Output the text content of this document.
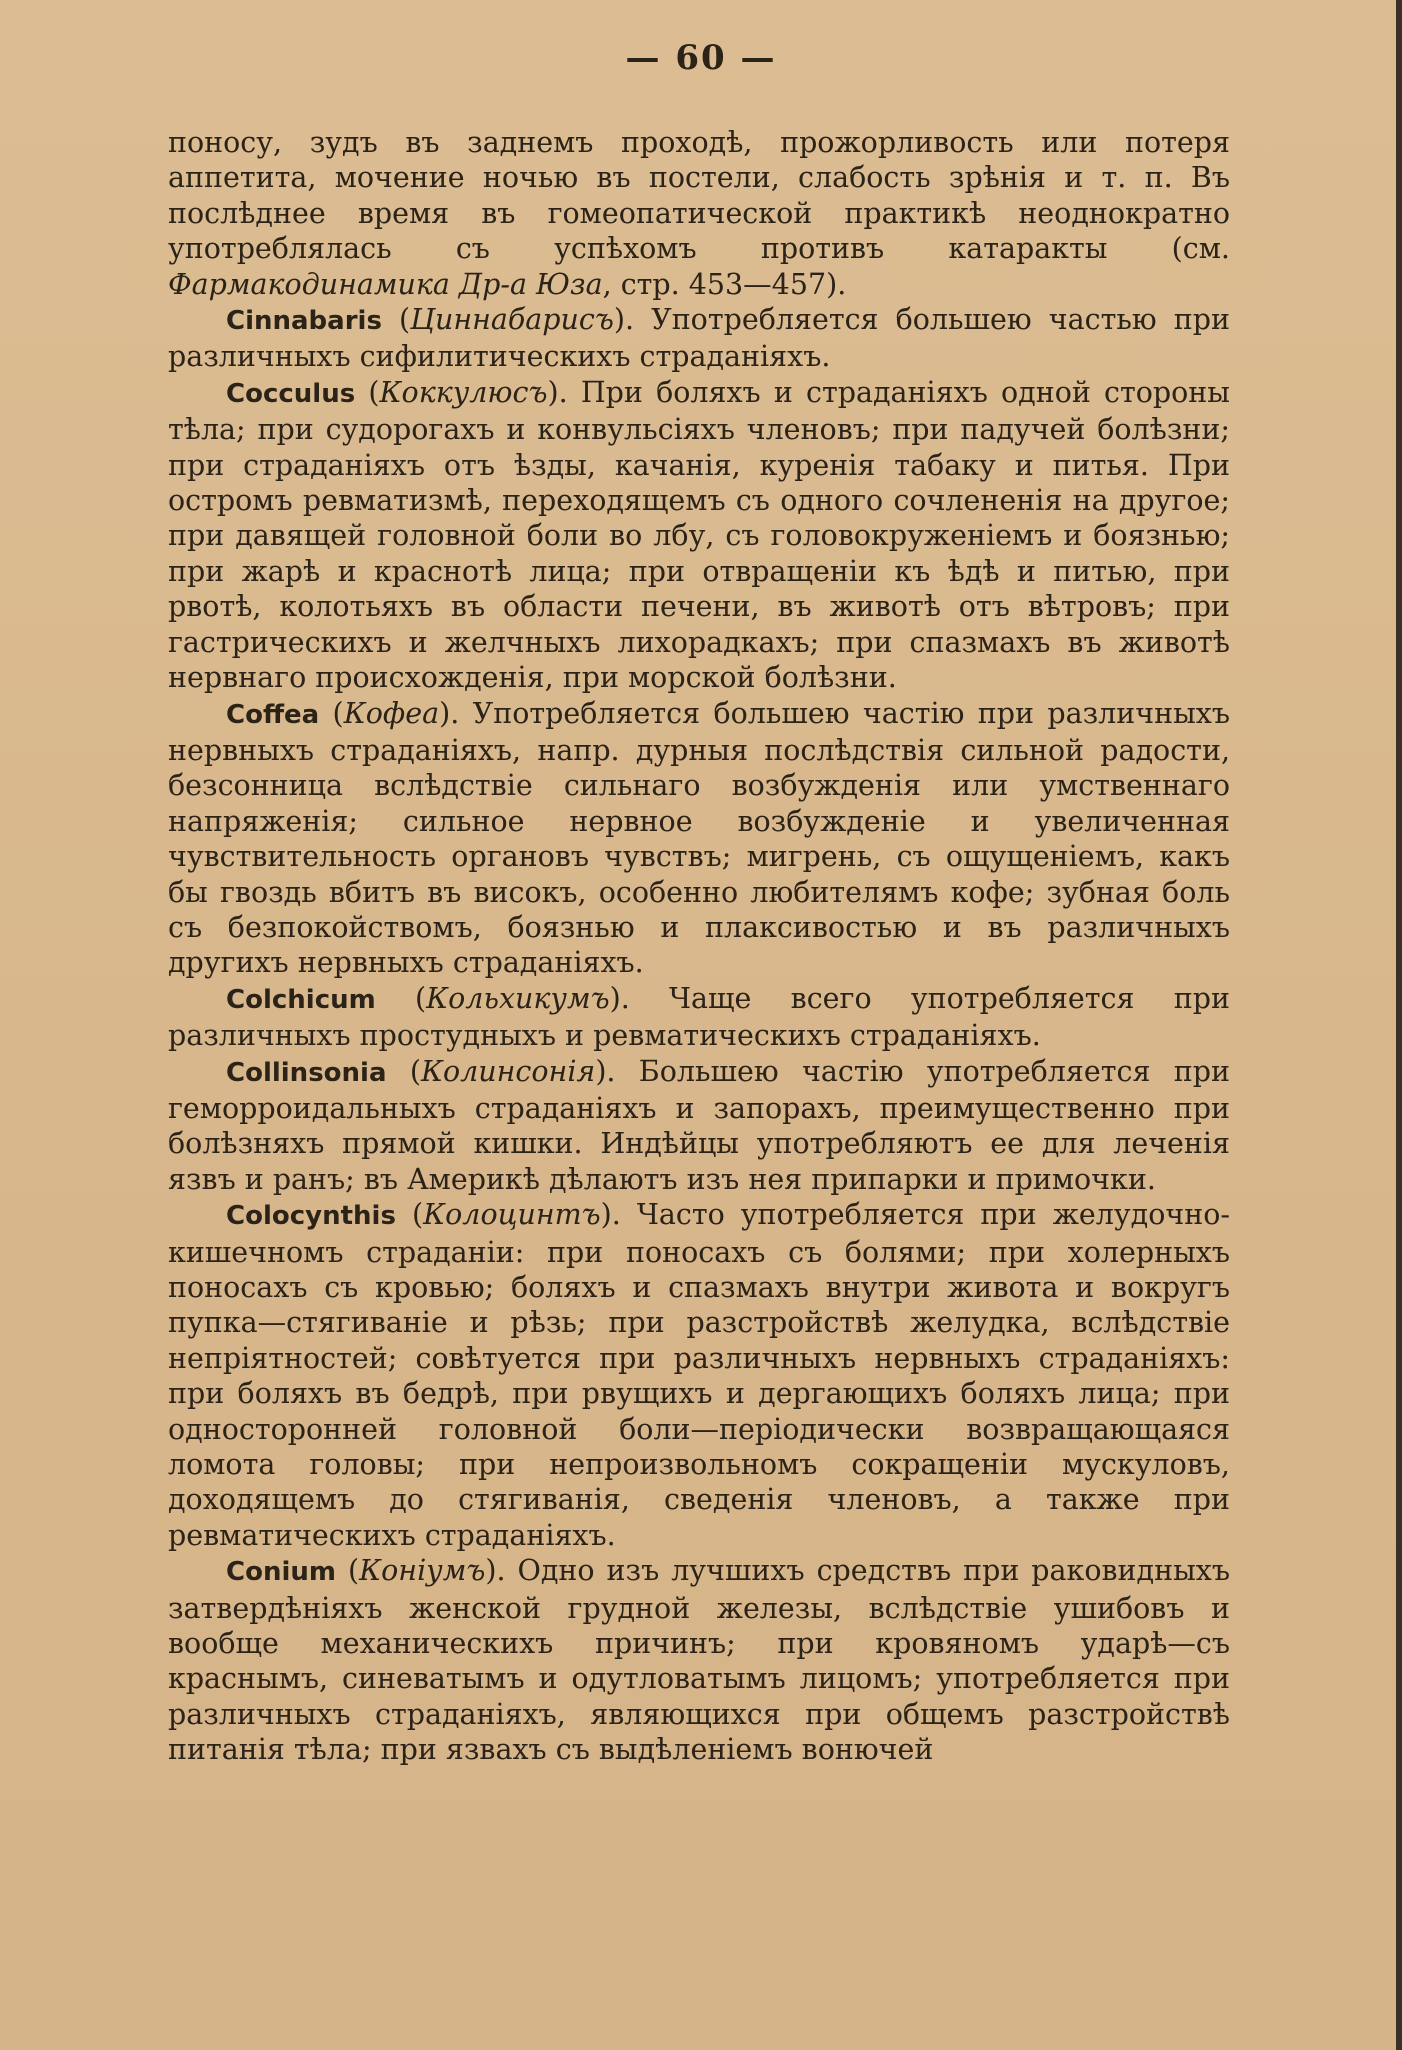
— 60 —

поносу, зудъ въ заднемъ проходѣ, прожорливость или потеря аппетита, мочение ночью въ постели, слабость зрѣнія и т. п. Въ послѣднее время въ гомеопатической практикѣ неоднократно употреблялась съ успѣхомъ противъ катаракты (см. Фармакодинамика Др-а Юза, стр. 453—457).

Cinnabaris (Циннабарисъ). Употребляется большею частью при различныхъ сифилитическихъ страданіяхъ.

Cocculus (Коккулюсъ). При боляхъ и страданіяхъ одной стороны тѣла; при судорогахъ и конвульсіяхъ членовъ; при падучей болѣзни; при страданіяхъ отъ ѣзды, качанія, куренія табаку и питья. При остромъ ревматизмѣ, переходящемъ съ одного сочлененія на другое; при давящей головной боли во лбу, съ головокруженіемъ и боязнью; при жарѣ и краснотѣ лица; при отвращеніи къ ѣдѣ и питью, при рвотѣ, колотьяхъ въ области печени, въ животѣ отъ вѣтровъ; при гастрическихъ и желчныхъ лихорадкахъ; при спазмахъ въ животѣ нервнаго происхожденія, при морской болѣзни.

Coffea (Кофеа). Употребляется большею частію при различныхъ нервныхъ страданіяхъ, напр. дурныя послѣдствія сильной радости, безсонница вслѣдствіе сильнаго возбужденія или умственнаго напряженія; сильное нервное возбужденіе и увеличенная чувствительность органовъ чувствъ; мигрень, съ ощущеніемъ, какъ бы гвоздь вбитъ въ високъ, особенно любителямъ кофе; зубная боль съ безпокойствомъ, боязнью и плаксивостью и въ различныхъ другихъ нервныхъ страданіяхъ.

Colchicum (Кольхикумъ). Чаще всего употребляется при различныхъ простудныхъ и ревматическихъ страданіяхъ.

Collinsonia (Колинсонія). Большею частію употребляется при геморроидальныхъ страданіяхъ и запорахъ, преимущественно при болѣзняхъ прямой кишки. Индѣйцы употребляютъ ее для леченія язвъ и ранъ; въ Америкѣ дѣлаютъ изъ нея припарки и примочки.

Colocynthis (Колоцинтъ). Часто употребляется при желудочно-кишечномъ страданіи: при поносахъ съ болями; при холерныхъ поносахъ съ кровью; боляхъ и спазмахъ внутри живота и вокругъ пупка—стягиваніе и рѣзь; при разстройствѣ желудка, вслѣдствіе непріятностей; совѣтуется при различныхъ нервныхъ страданіяхъ: при боляхъ въ бедрѣ, при рвущихъ и дергающихъ боляхъ лица; при односторонней головной боли—періодически возвращающаяся ломота головы; при непроизвольномъ сокращеніи мускуловъ, доходящемъ до стягиванія, сведенія членовъ, а также при ревматическихъ страданіяхъ.

Conium (Коніумъ). Одно изъ лучшихъ средствъ при раковидныхъ затвердѣніяхъ женской грудной железы, вслѣдствіе ушибовъ и вообще механическихъ причинъ; при кровяномъ ударѣ—съ краснымъ, синеватымъ и одутловатымъ лицомъ; употребляется при различныхъ страданіяхъ, являющихся при общемъ разстройствѣ питанія тѣла; при язвахъ съ выдѣленіемъ вонючей
